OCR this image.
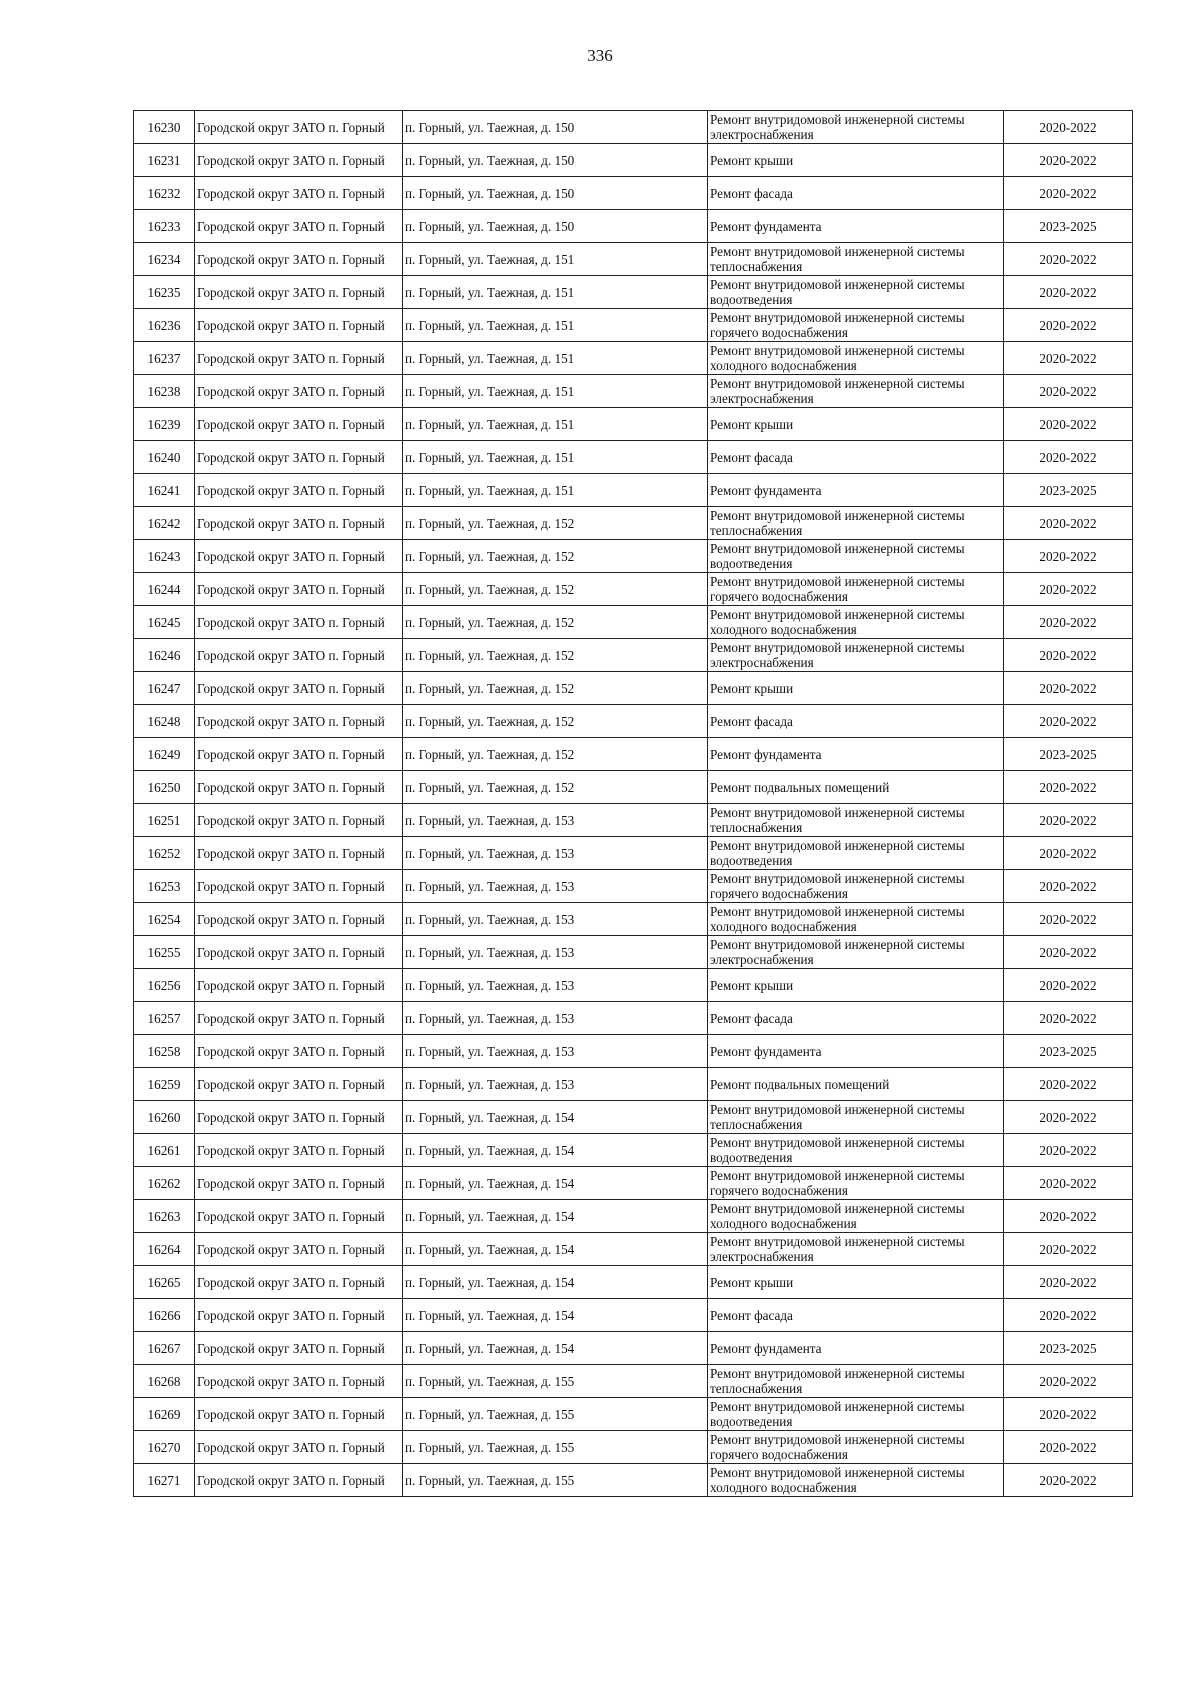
336
16230	Городской округ ЗАТО п. Горный	п. Горный, ул. Таежная, д. 150	Ремонт внутридомовой инженерной системы электроснабжения	2020-2022
16231	Городской округ ЗАТО п. Горный	п. Горный, ул. Таежная, д. 150	Ремонт крыши	2020-2022
16232	Городской округ ЗАТО п. Горный	п. Горный, ул. Таежная, д. 150	Ремонт фасада	2020-2022
16233	Городской округ ЗАТО п. Горный	п. Горный, ул. Таежная, д. 150	Ремонт фундамента	2023-2025
16234	Городской округ ЗАТО п. Горный	п. Горный, ул. Таежная, д. 151	Ремонт внутридомовой инженерной системы теплоснабжения	2020-2022
16235	Городской округ ЗАТО п. Горный	п. Горный, ул. Таежная, д. 151	Ремонт внутридомовой инженерной системы водоотведения	2020-2022
16236	Городской округ ЗАТО п. Горный	п. Горный, ул. Таежная, д. 151	Ремонт внутридомовой инженерной системы горячего водоснабжения	2020-2022
16237	Городской округ ЗАТО п. Горный	п. Горный, ул. Таежная, д. 151	Ремонт внутридомовой инженерной системы холодного водоснабжения	2020-2022
16238	Городской округ ЗАТО п. Горный	п. Горный, ул. Таежная, д. 151	Ремонт внутридомовой инженерной системы электроснабжения	2020-2022
16239	Городской округ ЗАТО п. Горный	п. Горный, ул. Таежная, д. 151	Ремонт крыши	2020-2022
16240	Городской округ ЗАТО п. Горный	п. Горный, ул. Таежная, д. 151	Ремонт фасада	2020-2022
16241	Городской округ ЗАТО п. Горный	п. Горный, ул. Таежная, д. 151	Ремонт фундамента	2023-2025
16242	Городской округ ЗАТО п. Горный	п. Горный, ул. Таежная, д. 152	Ремонт внутридомовой инженерной системы теплоснабжения	2020-2022
16243	Городской округ ЗАТО п. Горный	п. Горный, ул. Таежная, д. 152	Ремонт внутридомовой инженерной системы водоотведения	2020-2022
16244	Городской округ ЗАТО п. Горный	п. Горный, ул. Таежная, д. 152	Ремонт внутридомовой инженерной системы горячего водоснабжения	2020-2022
16245	Городской округ ЗАТО п. Горный	п. Горный, ул. Таежная, д. 152	Ремонт внутридомовой инженерной системы холодного водоснабжения	2020-2022
16246	Городской округ ЗАТО п. Горный	п. Горный, ул. Таежная, д. 152	Ремонт внутридомовой инженерной системы электроснабжения	2020-2022
16247	Городской округ ЗАТО п. Горный	п. Горный, ул. Таежная, д. 152	Ремонт крыши	2020-2022
16248	Городской округ ЗАТО п. Горный	п. Горный, ул. Таежная, д. 152	Ремонт фасада	2020-2022
16249	Городской округ ЗАТО п. Горный	п. Горный, ул. Таежная, д. 152	Ремонт фундамента	2023-2025
16250	Городской округ ЗАТО п. Горный	п. Горный, ул. Таежная, д. 152	Ремонт подвальных помещений	2020-2022
16251	Городской округ ЗАТО п. Горный	п. Горный, ул. Таежная, д. 153	Ремонт внутридомовой инженерной системы теплоснабжения	2020-2022
16252	Городской округ ЗАТО п. Горный	п. Горный, ул. Таежная, д. 153	Ремонт внутридомовой инженерной системы водоотведения	2020-2022
16253	Городской округ ЗАТО п. Горный	п. Горный, ул. Таежная, д. 153	Ремонт внутридомовой инженерной системы горячего водоснабжения	2020-2022
16254	Городской округ ЗАТО п. Горный	п. Горный, ул. Таежная, д. 153	Ремонт внутридомовой инженерной системы холодного водоснабжения	2020-2022
16255	Городской округ ЗАТО п. Горный	п. Горный, ул. Таежная, д. 153	Ремонт внутридомовой инженерной системы электроснабжения	2020-2022
16256	Городской округ ЗАТО п. Горный	п. Горный, ул. Таежная, д. 153	Ремонт крыши	2020-2022
16257	Городской округ ЗАТО п. Горный	п. Горный, ул. Таежная, д. 153	Ремонт фасада	2020-2022
16258	Городской округ ЗАТО п. Горный	п. Горный, ул. Таежная, д. 153	Ремонт фундамента	2023-2025
16259	Городской округ ЗАТО п. Горный	п. Горный, ул. Таежная, д. 153	Ремонт подвальных помещений	2020-2022
16260	Городской округ ЗАТО п. Горный	п. Горный, ул. Таежная, д. 154	Ремонт внутридомовой инженерной системы теплоснабжения	2020-2022
16261	Городской округ ЗАТО п. Горный	п. Горный, ул. Таежная, д. 154	Ремонт внутридомовой инженерной системы водоотведения	2020-2022
16262	Городской округ ЗАТО п. Горный	п. Горный, ул. Таежная, д. 154	Ремонт внутридомовой инженерной системы горячего водоснабжения	2020-2022
16263	Городской округ ЗАТО п. Горный	п. Горный, ул. Таежная, д. 154	Ремонт внутридомовой инженерной системы холодного водоснабжения	2020-2022
16264	Городской округ ЗАТО п. Горный	п. Горный, ул. Таежная, д. 154	Ремонт внутридомовой инженерной системы электроснабжения	2020-2022
16265	Городской округ ЗАТО п. Горный	п. Горный, ул. Таежная, д. 154	Ремонт крыши	2020-2022
16266	Городской округ ЗАТО п. Горный	п. Горный, ул. Таежная, д. 154	Ремонт фасада	2020-2022
16267	Городской округ ЗАТО п. Горный	п. Горный, ул. Таежная, д. 154	Ремонт фундамента	2023-2025
16268	Городской округ ЗАТО п. Горный	п. Горный, ул. Таежная, д. 155	Ремонт внутридомовой инженерной системы теплоснабжения	2020-2022
16269	Городской округ ЗАТО п. Горный	п. Горный, ул. Таежная, д. 155	Ремонт внутридомовой инженерной системы водоотведения	2020-2022
16270	Городской округ ЗАТО п. Горный	п. Горный, ул. Таежная, д. 155	Ремонт внутридомовой инженерной системы горячего водоснабжения	2020-2022
16271	Городской округ ЗАТО п. Горный	п. Горный, ул. Таежная, д. 155	Ремонт внутридомовой инженерной системы холодного водоснабжения	2020-2022
